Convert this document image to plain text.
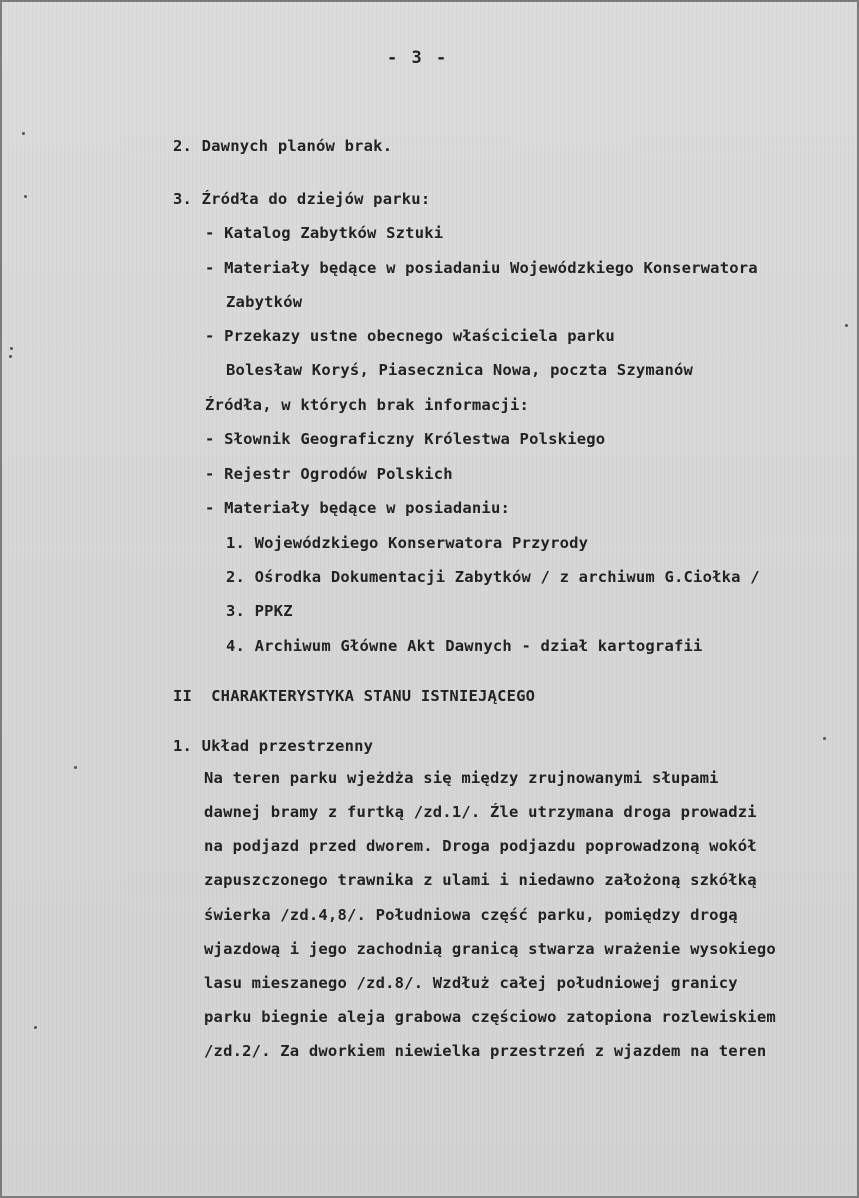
- 3 -
2. Dawnych planów brak.
3. Źródła do dziejów parku:
- Katalog Zabytków Sztuki
- Materiały będące w posiadaniu Wojewódzkiego Konserwatora
Zabytków
- Przekazy ustne obecnego właściciela parku
Bolesław Koryś, Piasecznica Nowa, poczta Szymanów
Źródła, w których brak informacji:
- Słownik Geograficzny Królestwa Polskiego
- Rejestr Ogrodów Polskich
- Materiały będące w posiadaniu:
1. Wojewódzkiego Konserwatora Przyrody
2. Ośrodka Dokumentacji Zabytków / z archiwum G.Ciołka /
3. PPKZ
4. Archiwum Główne Akt Dawnych - dział kartografii
II  CHARAKTERYSTYKA STANU ISTNIEJĄCEGO
1. Układ przestrzenny
Na teren parku wjeżdża się między zrujnowanymi słupami
dawnej bramy z furtką /zd.1/. Źle utrzymana droga prowadzi
na podjazd przed dworem. Droga podjazdu poprowadzoną wokół
zapuszczonego trawnika z ulami i niedawno założoną szkółką
świerka /zd.4,8/. Południowa część parku, pomiędzy drogą
wjazdową i jego zachodnią granicą stwarza wrażenie wysokiego
lasu mieszanego /zd.8/. Wzdłuż całej południowej granicy
parku biegnie aleja grabowa częściowo zatopiona rozlewiskiem
/zd.2/. Za dworkiem niewielka przestrzeń z wjazdem na teren
